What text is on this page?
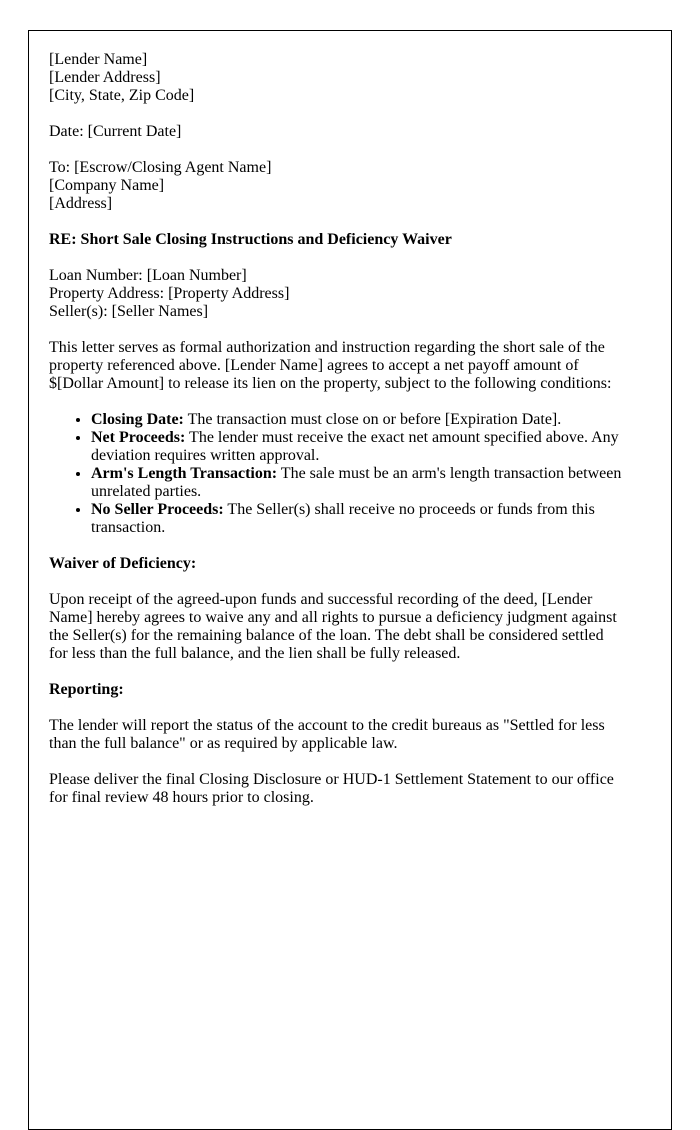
[Lender Name]
[Lender Address]
[City, State, Zip Code]
Date: [Current Date]
To: [Escrow/Closing Agent Name]
[Company Name]
[Address]
RE: Short Sale Closing Instructions and Deficiency Waiver
Loan Number: [Loan Number]
Property Address: [Property Address]
Seller(s): [Seller Names]

This letter serves as formal authorization and instruction regarding the short sale of the property referenced above. [Lender Name] agrees to accept a net payoff amount of $[Dollar Amount] to release its lien on the property, subject to the following conditions:

• Closing Date: The transaction must close on or before [Expiration Date].
• Net Proceeds: The lender must receive the exact net amount specified above. Any deviation requires written approval.
• Arm's Length Transaction: The sale must be an arm's length transaction between unrelated parties.
• No Seller Proceeds: The Seller(s) shall receive no proceeds or funds from this transaction.
Waiver of Deficiency:

Upon receipt of the agreed-upon funds and successful recording of the deed, [Lender Name] hereby agrees to waive any and all rights to pursue a deficiency judgment against the Seller(s) for the remaining balance of the loan. The debt shall be considered settled for less than the full balance, and the lien shall be fully released.

Reporting:

The lender will report the status of the account to the credit bureaus as "Settled for less than the full balance" or as required by applicable law.

Please deliver the final Closing Disclosure or HUD-1 Settlement Statement to our office for final review 48 hours prior to closing.
